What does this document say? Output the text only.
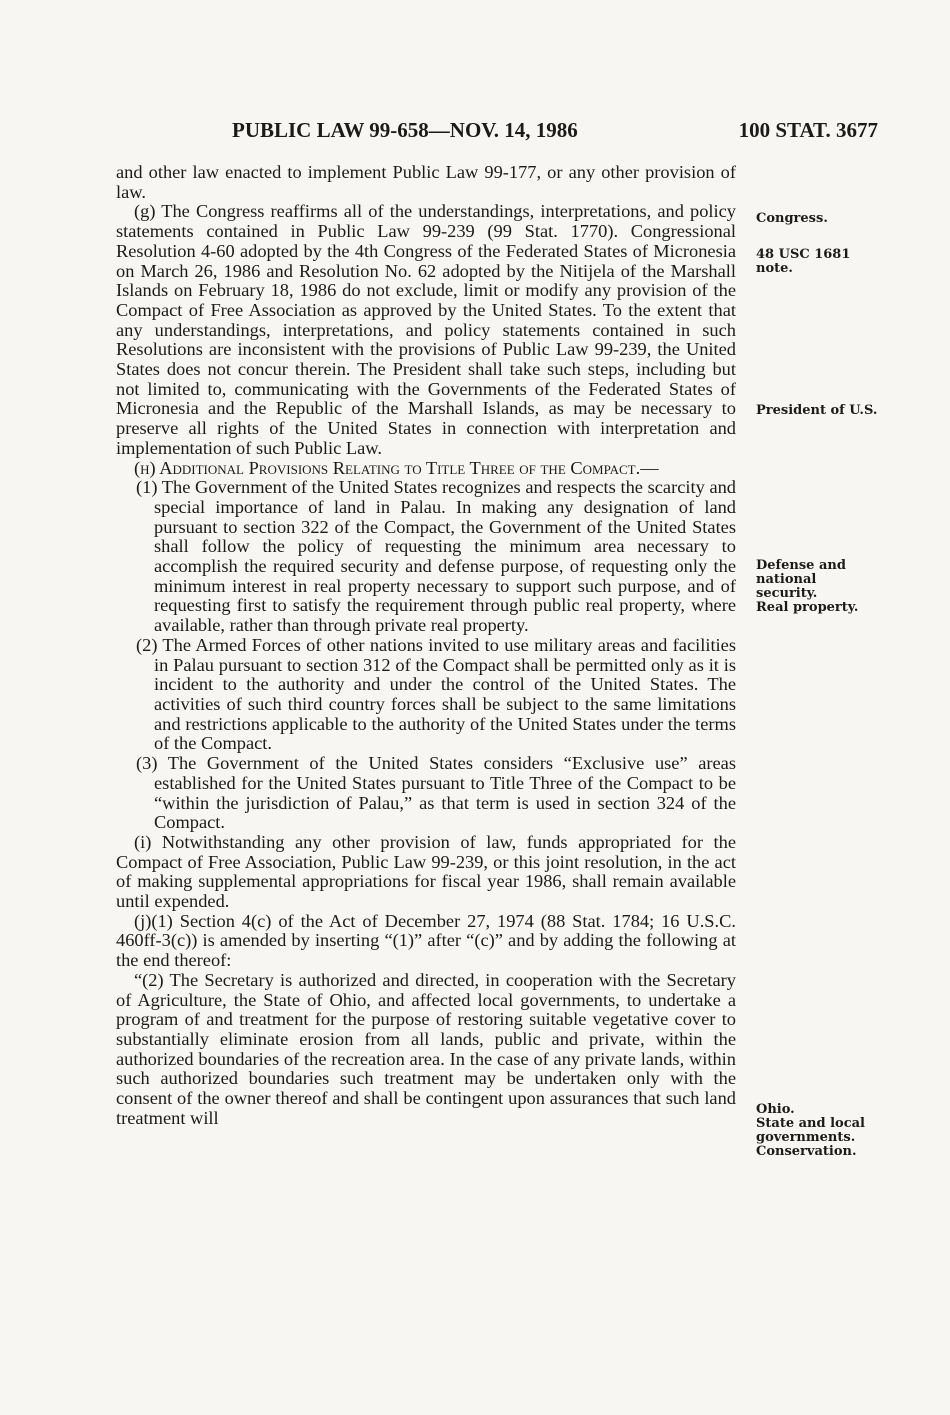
PUBLIC LAW 99-658—NOV. 14, 1986	100 STAT. 3677

and other law enacted to implement Public Law 99-177, or any other provision of law.

(g) The Congress reaffirms all of the understandings, interpretations, and policy statements contained in Public Law 99-239 (99 Stat. 1770). Congressional Resolution 4-60 adopted by the 4th Congress of the Federated States of Micronesia on March 26, 1986 and Resolution No. 62 adopted by the Nitijela of the Marshall Islands on February 18, 1986 do not exclude, limit or modify any provision of the Compact of Free Association as approved by the United States. To the extent that any understandings, interpretations, and policy statements contained in such Resolutions are inconsistent with the provisions of Public Law 99-239, the United States does not concur therein. The President shall take such steps, including but not limited to, communicating with the Governments of the Federated States of Micronesia and the Republic of the Marshall Islands, as may be necessary to preserve all rights of the United States in connection with interpretation and implementation of such Public Law.

(h) Additional Provisions Relating to Title Three of the Compact.—

(1) The Government of the United States recognizes and respects the scarcity and special importance of land in Palau. In making any designation of land pursuant to section 322 of the Compact, the Government of the United States shall follow the policy of requesting the minimum area necessary to accomplish the required security and defense purpose, of requesting only the minimum interest in real property necessary to support such purpose, and of requesting first to satisfy the requirement through public real property, where available, rather than through private real property.

(2) The Armed Forces of other nations invited to use military areas and facilities in Palau pursuant to section 312 of the Compact shall be permitted only as it is incident to the authority and under the control of the United States. The activities of such third country forces shall be subject to the same limitations and restrictions applicable to the authority of the United States under the terms of the Compact.

(3) The Government of the United States considers “Exclusive use” areas established for the United States pursuant to Title Three of the Compact to be “within the jurisdiction of Palau,” as that term is used in section 324 of the Compact.

(i) Notwithstanding any other provision of law, funds appropriated for the Compact of Free Association, Public Law 99-239, or this joint resolution, in the act of making supplemental appropriations for fiscal year 1986, shall remain available until expended.

(j)(1) Section 4(c) of the Act of December 27, 1974 (88 Stat. 1784; 16 U.S.C. 460ff-3(c)) is amended by inserting “(1)” after “(c)” and by adding the following at the end thereof:

“(2) The Secretary is authorized and directed, in cooperation with the Secretary of Agriculture, the State of Ohio, and affected local governments, to undertake a program of and treatment for the purpose of restoring suitable vegetative cover to substantially eliminate erosion from all lands, public and private, within the authorized boundaries of the recreation area. In the case of any private lands, within such authorized boundaries such treatment may be undertaken only with the consent of the owner thereof and shall be contingent upon assurances that such land treatment will

Congress.
48 USC 1681
note.
President of U.S.
Defense and
national
security.
Real property.
Ohio.
State and local
governments.
Conservation.
